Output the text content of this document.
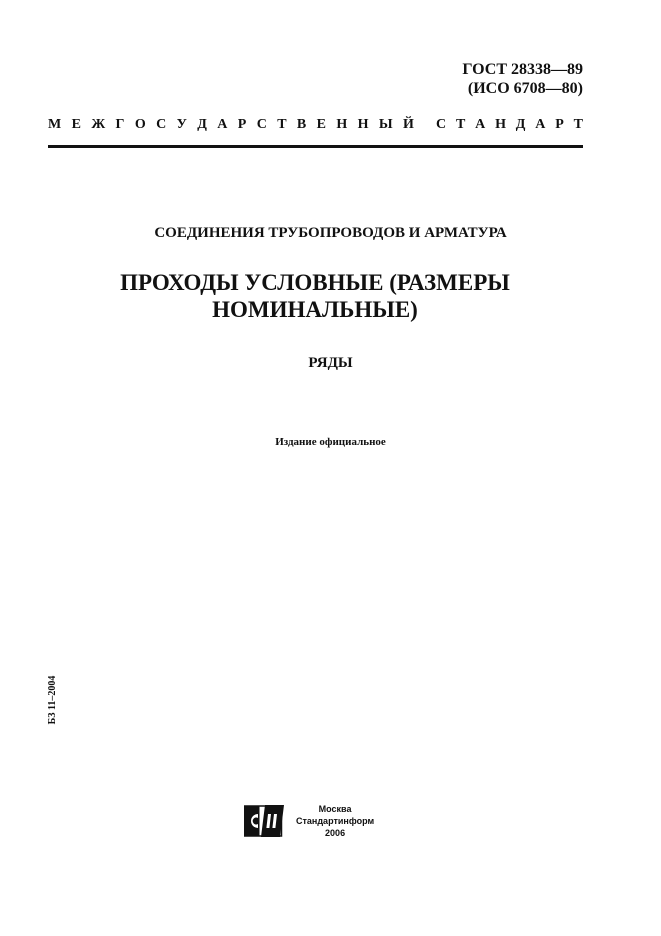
ГОСТ 28338—89
(ИСО 6708—80)
М Е Ж Г О С У Д А Р С Т В Е Н Н Ы Й С Т А Н Д А Р Т
СОЕДИНЕНИЯ ТРУБОПРОВОДОВ И АРМАТУРА
ПРОХОДЫ УСЛОВНЫЕ (РАЗМЕРЫ
НОМИНАЛЬНЫЕ)
РЯДЫ
Издание официальное
БЗ 11–2004
Москва
Стандартинформ
2006
